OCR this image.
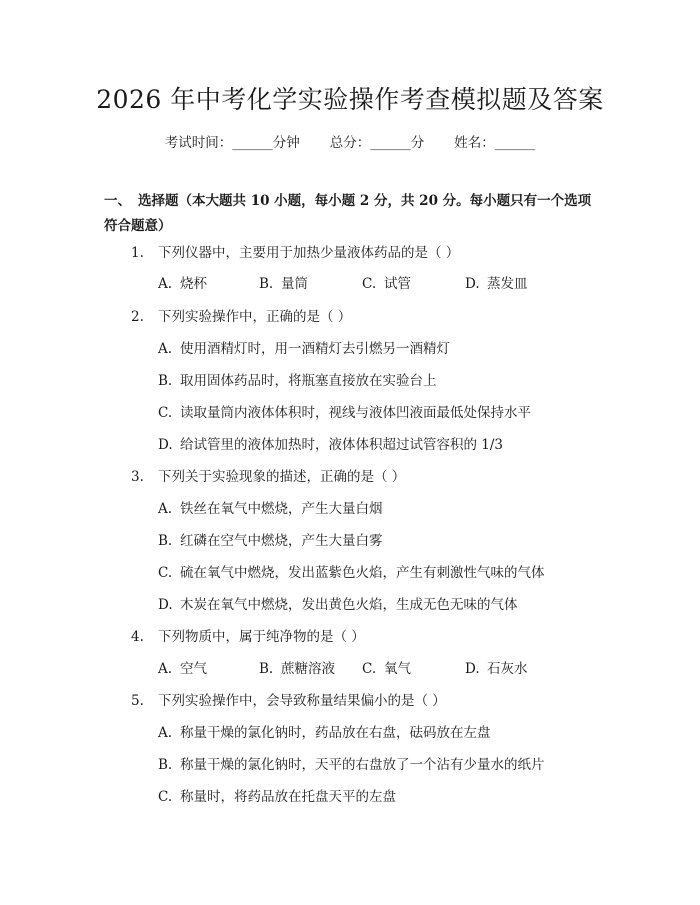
2026 年中考化学实验操作考查模拟题及答案
考试时间：______分钟 总分：______分 姓名：______
一、 选择题（本大题共 10 小题，每小题 2 分，共 20 分。每小题只有一个选项符合题意）
1. 下列仪器中，主要用于加热少量液体药品的是（ ）
A. 烧杯	B. 量筒	C. 试管	D. 蒸发皿
2. 下列实验操作中，正确的是（ ）
A. 使用酒精灯时，用一酒精灯去引燃另一酒精灯
B. 取用固体药品时，将瓶塞直接放在实验台上
C. 读取量筒内液体体积时，视线与液体凹液面最低处保持水平
D. 给试管里的液体加热时，液体体积超过试管容积的 1/3
3. 下列关于实验现象的描述，正确的是（ ）
A. 铁丝在氧气中燃烧，产生大量白烟
B. 红磷在空气中燃烧，产生大量白雾
C. 硫在氧气中燃烧，发出蓝紫色火焰，产生有刺激性气味的气体
D. 木炭在氧气中燃烧，发出黄色火焰，生成无色无味的气体
4. 下列物质中，属于纯净物的是（ ）
A. 空气	B. 蔗糖溶液 C. 氧气	D. 石灰水
5. 下列实验操作中，会导致称量结果偏小的是（ ）
A. 称量干燥的氯化钠时，药品放在右盘，砝码放在左盘
B. 称量干燥的氯化钠时，天平的右盘放了一个沾有少量水的纸片
C. 称量时，将药品放在托盘天平的左盘
